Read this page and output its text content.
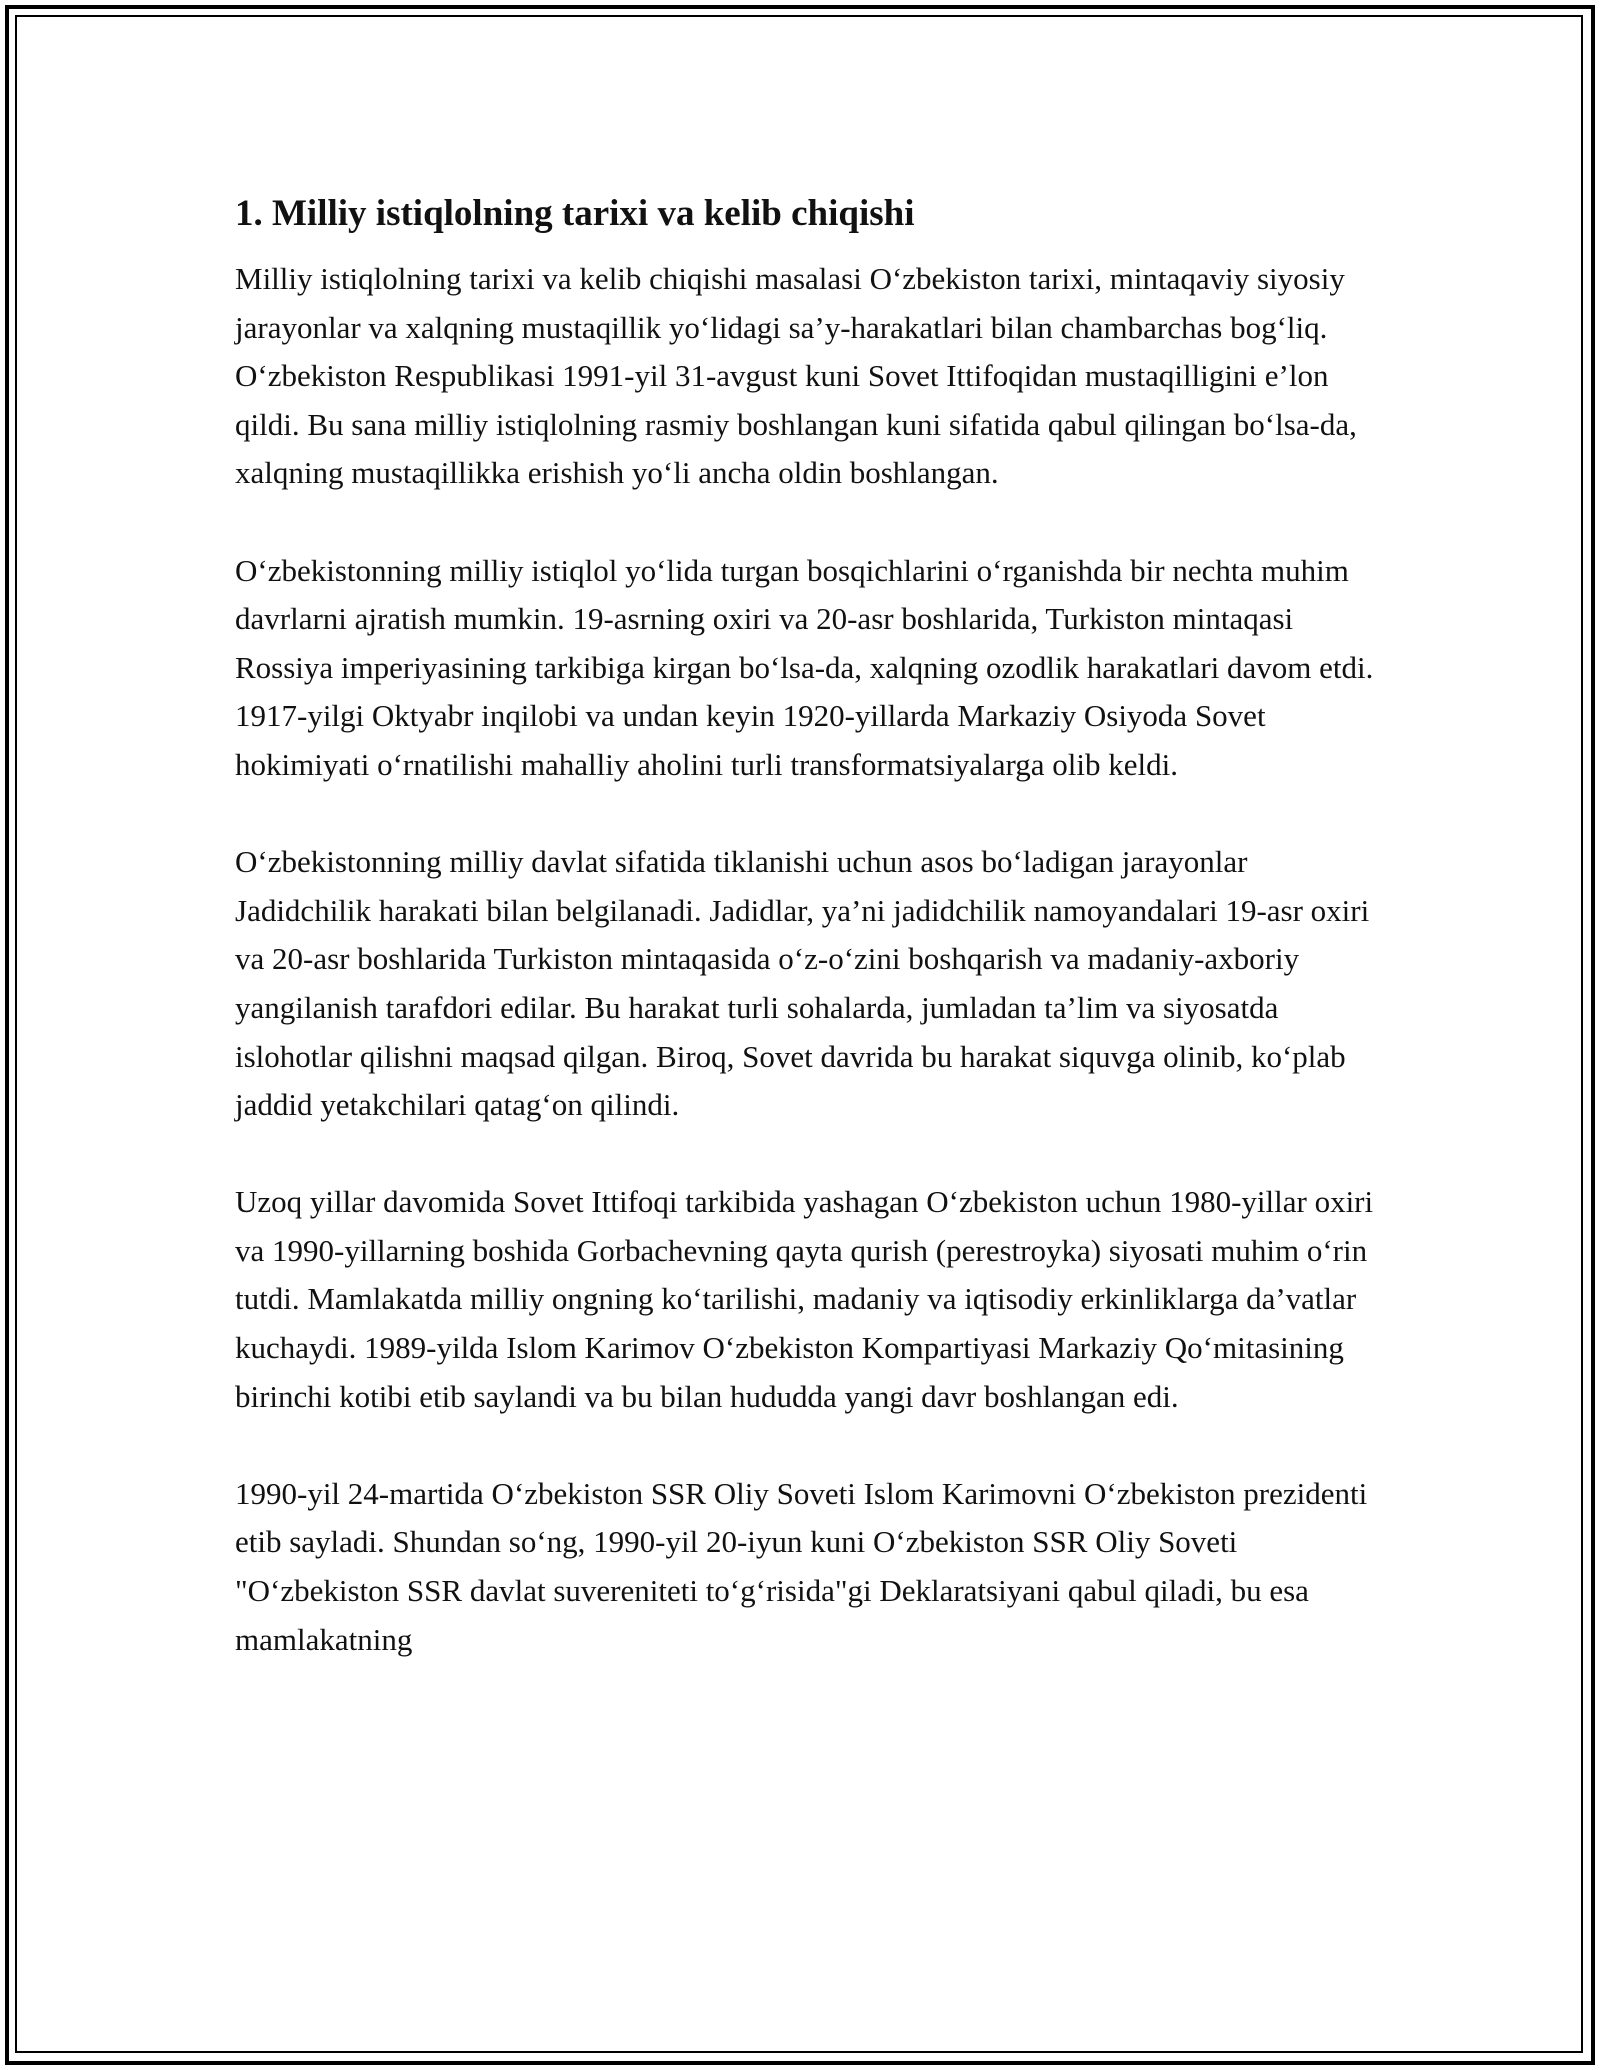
1. Milliy istiqlolning tarixi va kelib chiqishi

Milliy istiqlolning tarixi va kelib chiqishi masalasi O‘zbekiston tarixi, mintaqaviy siyosiy jarayonlar va xalqning mustaqillik yo‘lidagi sa’y-harakatlari bilan chambarchas bog‘liq. O‘zbekiston Respublikasi 1991-yil 31-avgust kuni Sovet Ittifoqidan mustaqilligini e’lon qildi. Bu sana milliy istiqlolning rasmiy boshlangan kuni sifatida qabul qilingan bo‘lsa-da, xalqning mustaqillikka erishish yo‘li ancha oldin boshlangan.

O‘zbekistonning milliy istiqlol yo‘lida turgan bosqichlarini o‘rganishda bir nechta muhim davrlarni ajratish mumkin. 19-asrning oxiri va 20-asr boshlarida, Turkiston mintaqasi Rossiya imperiyasining tarkibiga kirgan bo‘lsa-da, xalqning ozodlik harakatlari davom etdi. 1917-yilgi Oktyabr inqilobi va undan keyin 1920-yillarda Markaziy Osiyoda Sovet hokimiyati o‘rnatilishi mahalliy aholini turli transformatsiyalarga olib keldi.

O‘zbekistonning milliy davlat sifatida tiklanishi uchun asos bo‘ladigan jarayonlar Jadidchilik harakati bilan belgilanadi. Jadidlar, ya’ni jadidchilik namoyandalari 19-asr oxiri va 20-asr boshlarida Turkiston mintaqasida o‘z-o‘zini boshqarish va madaniy-axboriy yangilanish tarafdori edilar. Bu harakat turli sohalarda, jumladan ta’lim va siyosatda islohotlar qilishni maqsad qilgan. Biroq, Sovet davrida bu harakat siquvga olinib, ko‘plab jaddid yetakchilari qatag‘on qilindi.

Uzoq yillar davomida Sovet Ittifoqi tarkibida yashagan O‘zbekiston uchun 1980-yillar oxiri va 1990-yillarning boshida Gorbachevning qayta qurish (perestroyka) siyosati muhim o‘rin tutdi. Mamlakatda milliy ongning ko‘tarilishi, madaniy va iqtisodiy erkinliklarga da’vatlar kuchaydi. 1989-yilda Islom Karimov O‘zbekiston Kompartiyasi Markaziy Qo‘mitasining birinchi kotibi etib saylandi va bu bilan hududda yangi davr boshlangan edi.

1990-yil 24-martida O‘zbekiston SSR Oliy Soveti Islom Karimovni O‘zbekiston prezidenti etib sayladi. Shundan so‘ng, 1990-yil 20-iyun kuni O‘zbekiston SSR Oliy Soveti "O‘zbekiston SSR davlat suvereniteti to‘g‘risida"gi Deklaratsiyani qabul qiladi, bu esa mamlakatning
